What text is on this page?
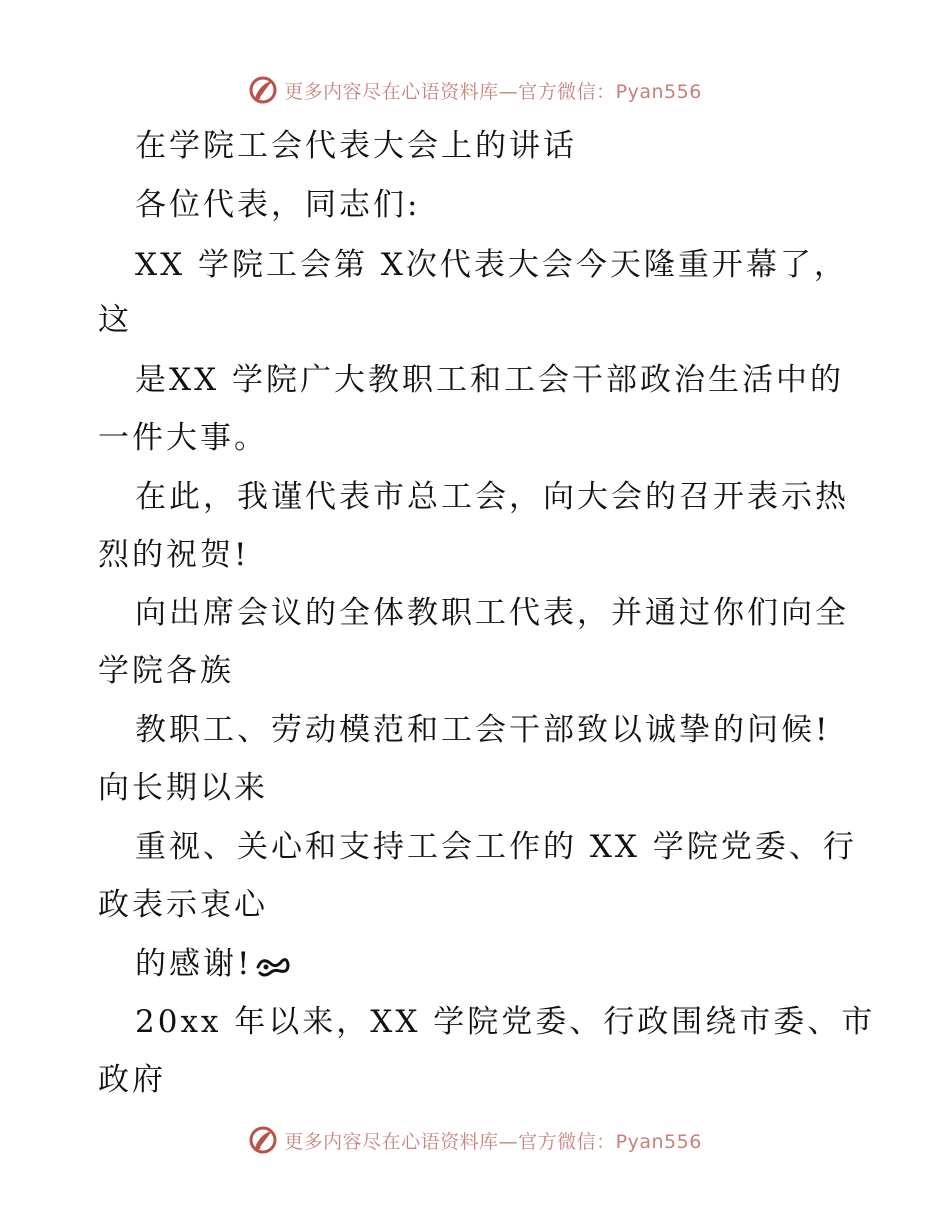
更多内容尽在心语资料库—官方微信：Pyan556
在学院工会代表大会上的讲话
各位代表，同志们:
XX 学院工会第 X次代表大会今天隆重开幕了，
这
是XX 学院广大教职工和工会干部政治生活中的
一件大事。
在此，我谨代表市总工会，向大会的召开表示热
烈的祝贺!
向出席会议的全体教职工代表，并通过你们向全
学院各族
教职工、劳动模范和工会干部致以诚挚的问候!
向长期以来
重视、关心和支持工会工作的 XX 学院党委、行
政表示衷心
的感谢!
20xx 年以来，XX 学院党委、行政围绕市委、市
政府
更多内容尽在心语资料库—官方微信：Pyan556
